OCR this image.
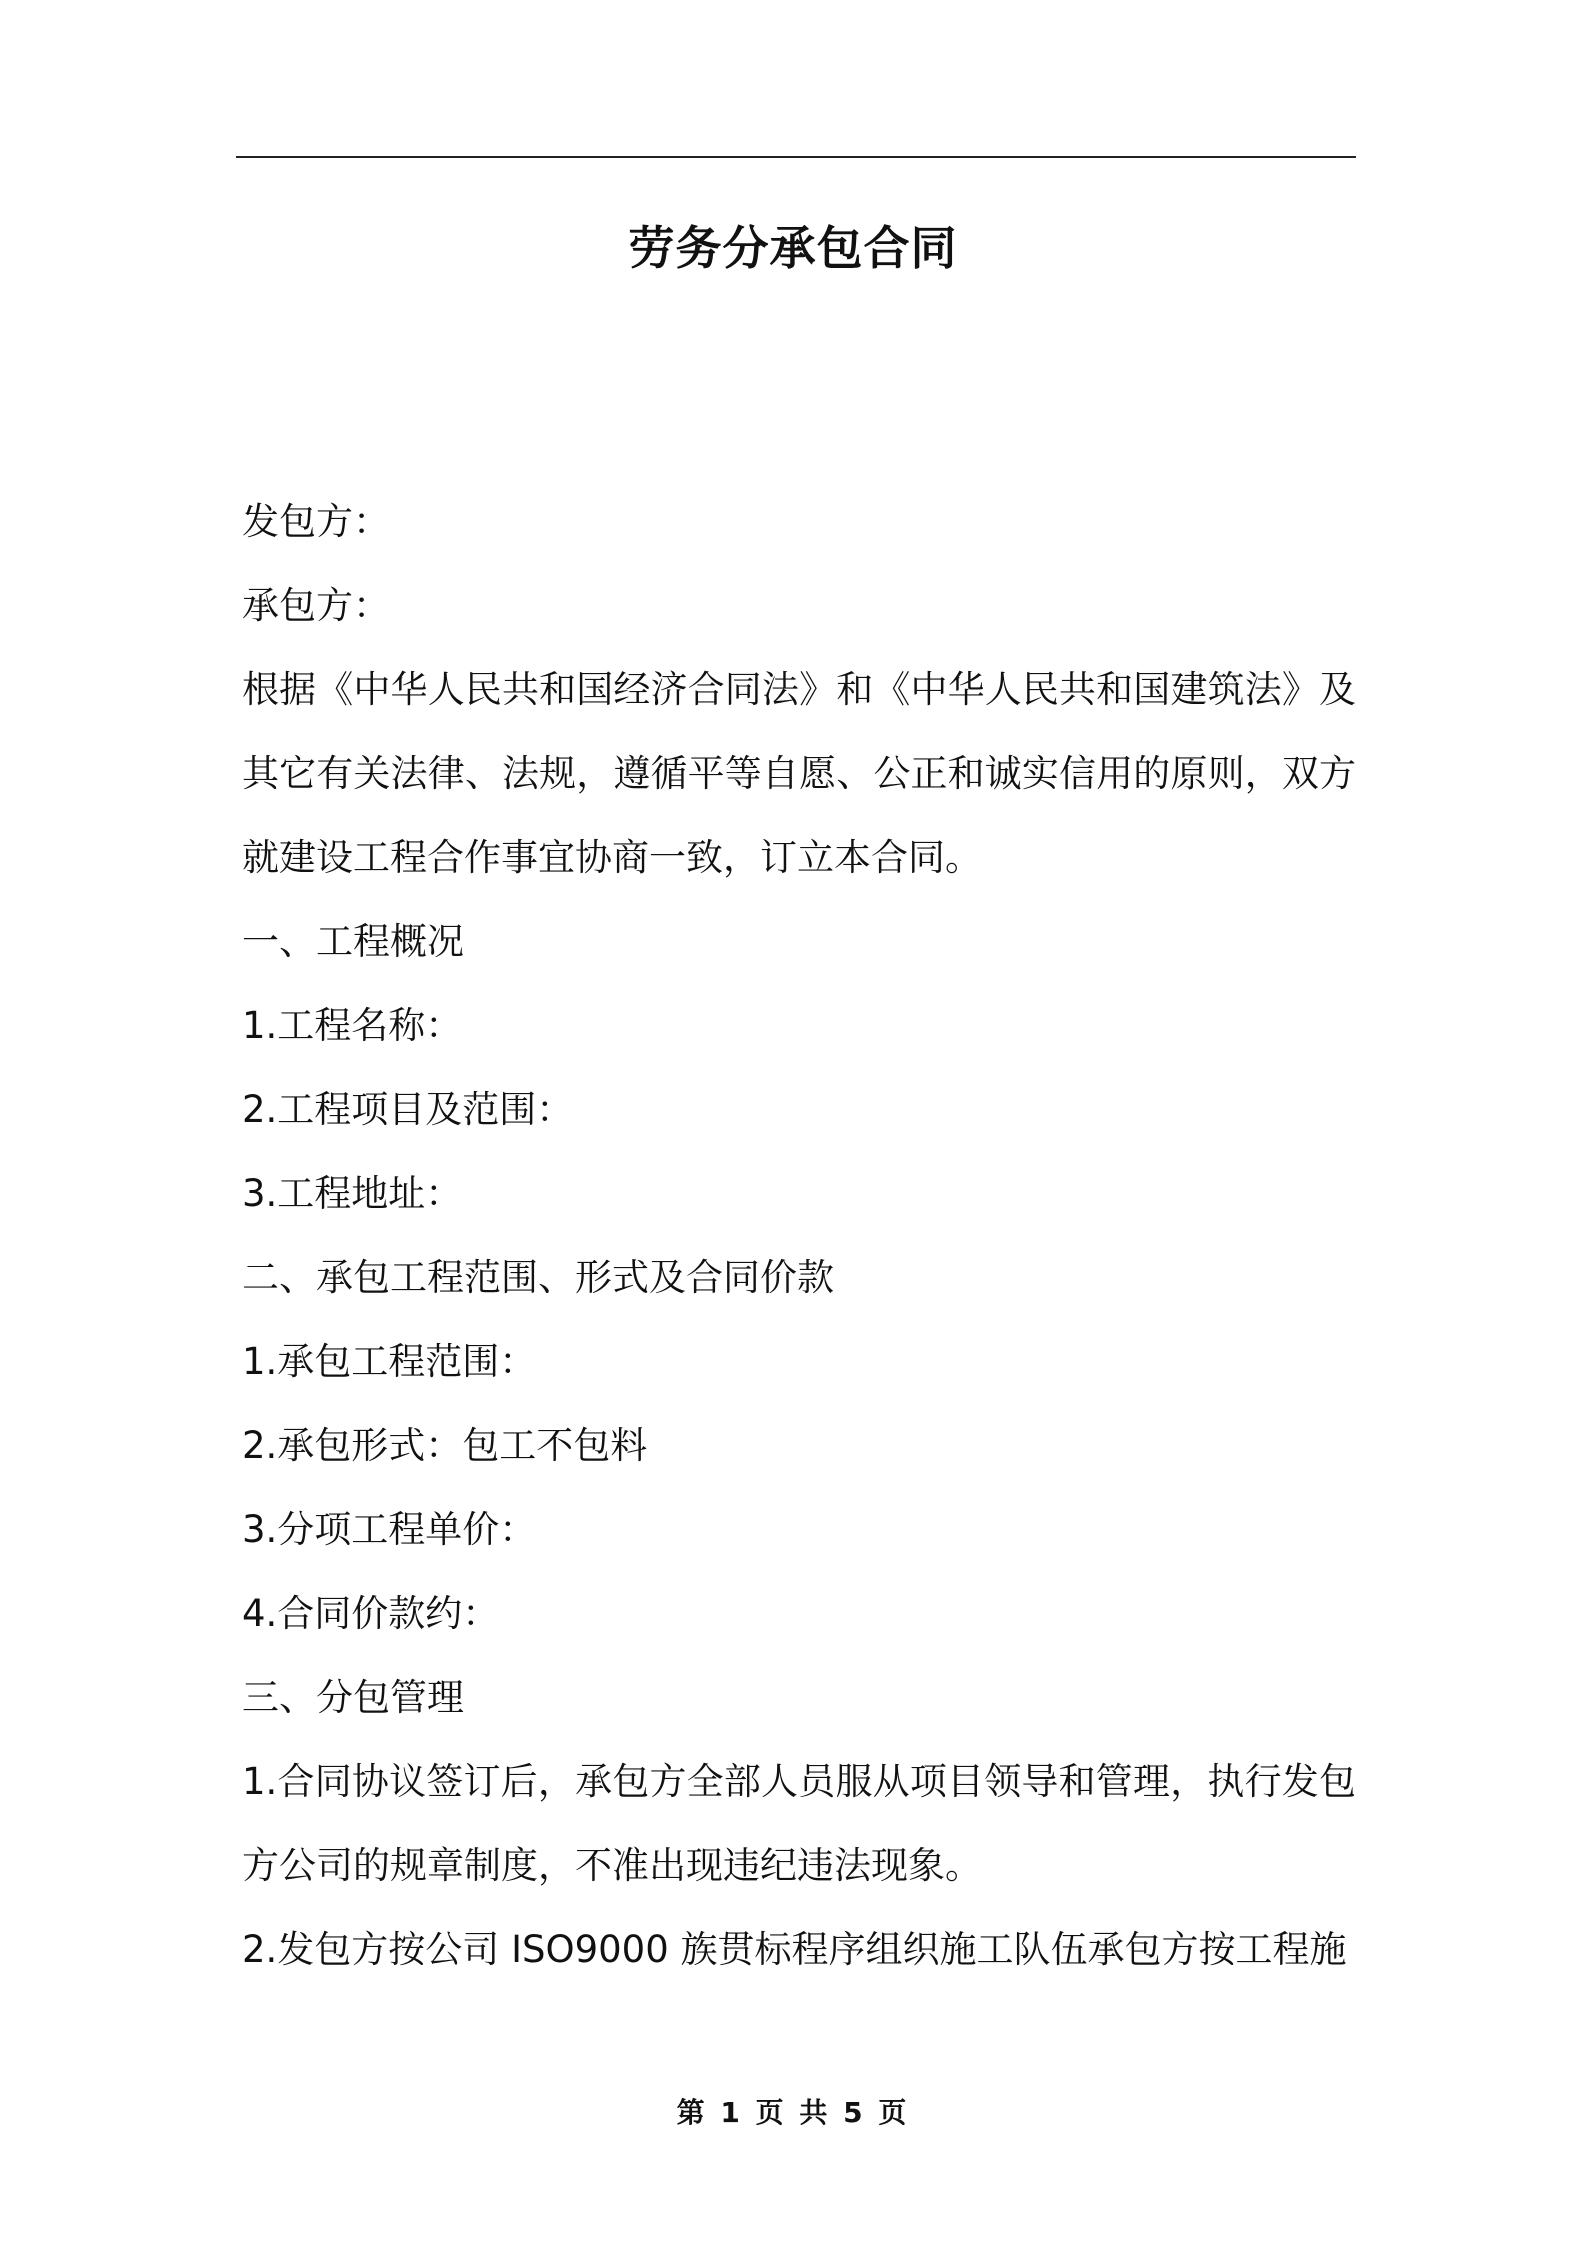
劳务分承包合同

发包方：

承包方：

根据《中华人民共和国经济合同法》和《中华人民共和国建筑法》及其它有关法律、法规，遵循平等自愿、公正和诚实信用的原则，双方就建设工程合作事宜协商一致，订立本合同。

一、工程概况

1.工程名称：

2.工程项目及范围：

3.工程地址：

二、承包工程范围、形式及合同价款

1.承包工程范围：

2.承包形式：包工不包料

3.分项工程单价：

4.合同价款约：

三、分包管理

1.合同协议签订后，承包方全部人员服从项目领导和管理，执行发包方公司的规章制度，不准出现违纪违法现象。

2.发包方按公司 ISO9000 族贯标程序组织施工队伍承包方按工程施

第 1 页 共 5 页
